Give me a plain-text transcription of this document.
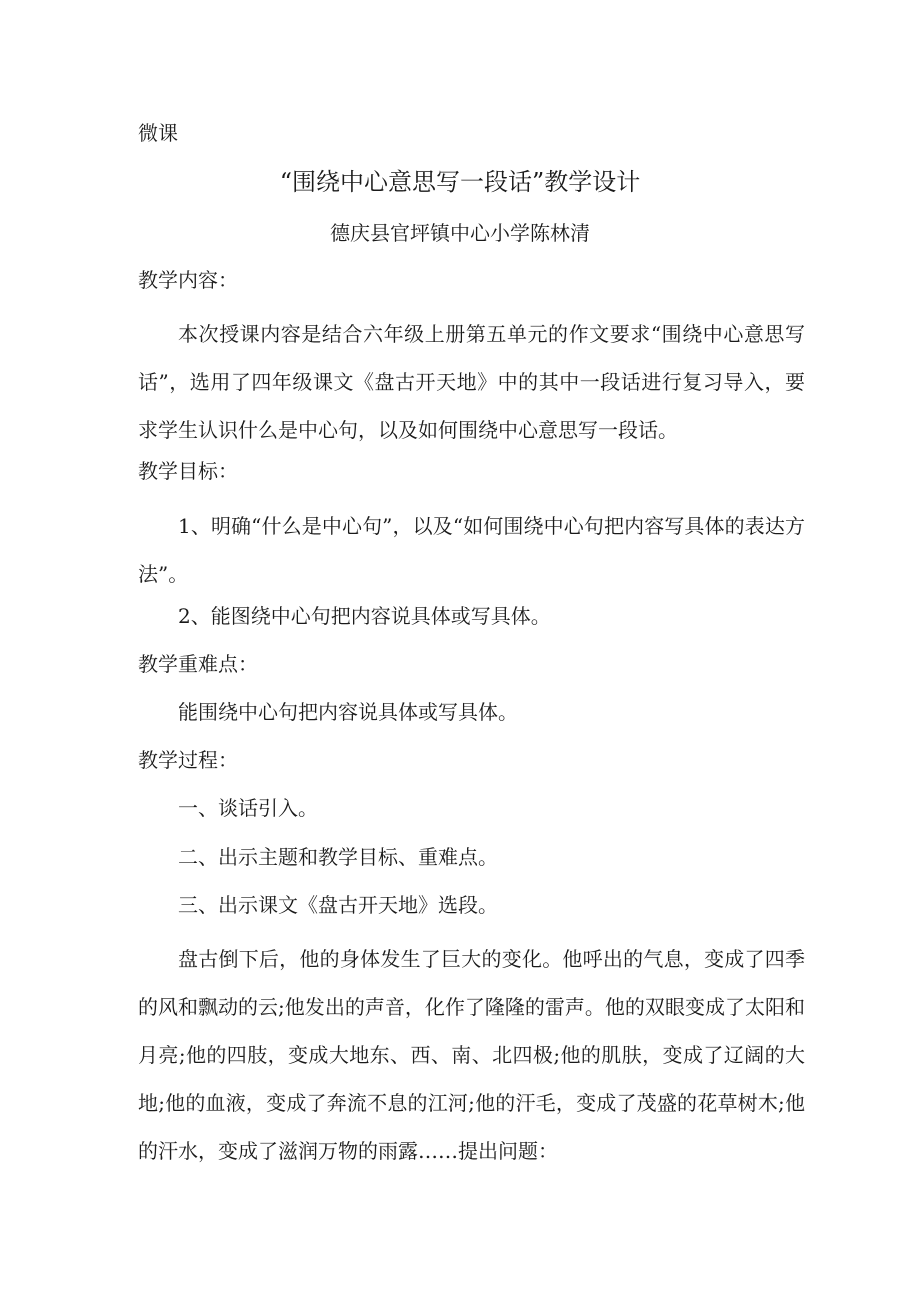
微课
“围绕中心意思写一段话”教学设计
德庆县官坪镇中心小学陈林清
教学内容：
本次授课内容是结合六年级上册第五单元的作文要求“围绕中心意思写话”，选用了四年级课文《盘古开天地》中的其中一段话进行复习导入，要求学生认识什么是中心句，以及如何围绕中心意思写一段话。
教学目标：
1、明确“什么是中心句”，以及“如何围绕中心句把内容写具体的表达方法”。
2、能图绕中心句把内容说具体或写具体。
教学重难点：
能围绕中心句把内容说具体或写具体。
教学过程：
一、谈话引入。
二、出示主题和教学目标、重难点。
三、出示课文《盘古开天地》选段。
盘古倒下后，他的身体发生了巨大的变化。他呼出的气息，变成了四季的风和飘动的云;他发出的声音，化作了隆隆的雷声。他的双眼变成了太阳和月亮;他的四肢，变成大地东、西、南、北四极;他的肌肤，变成了辽阔的大地;他的血液，变成了奔流不息的江河;他的汗毛，变成了茂盛的花草树木;他的汗水，变成了滋润万物的雨露……提出问题：
